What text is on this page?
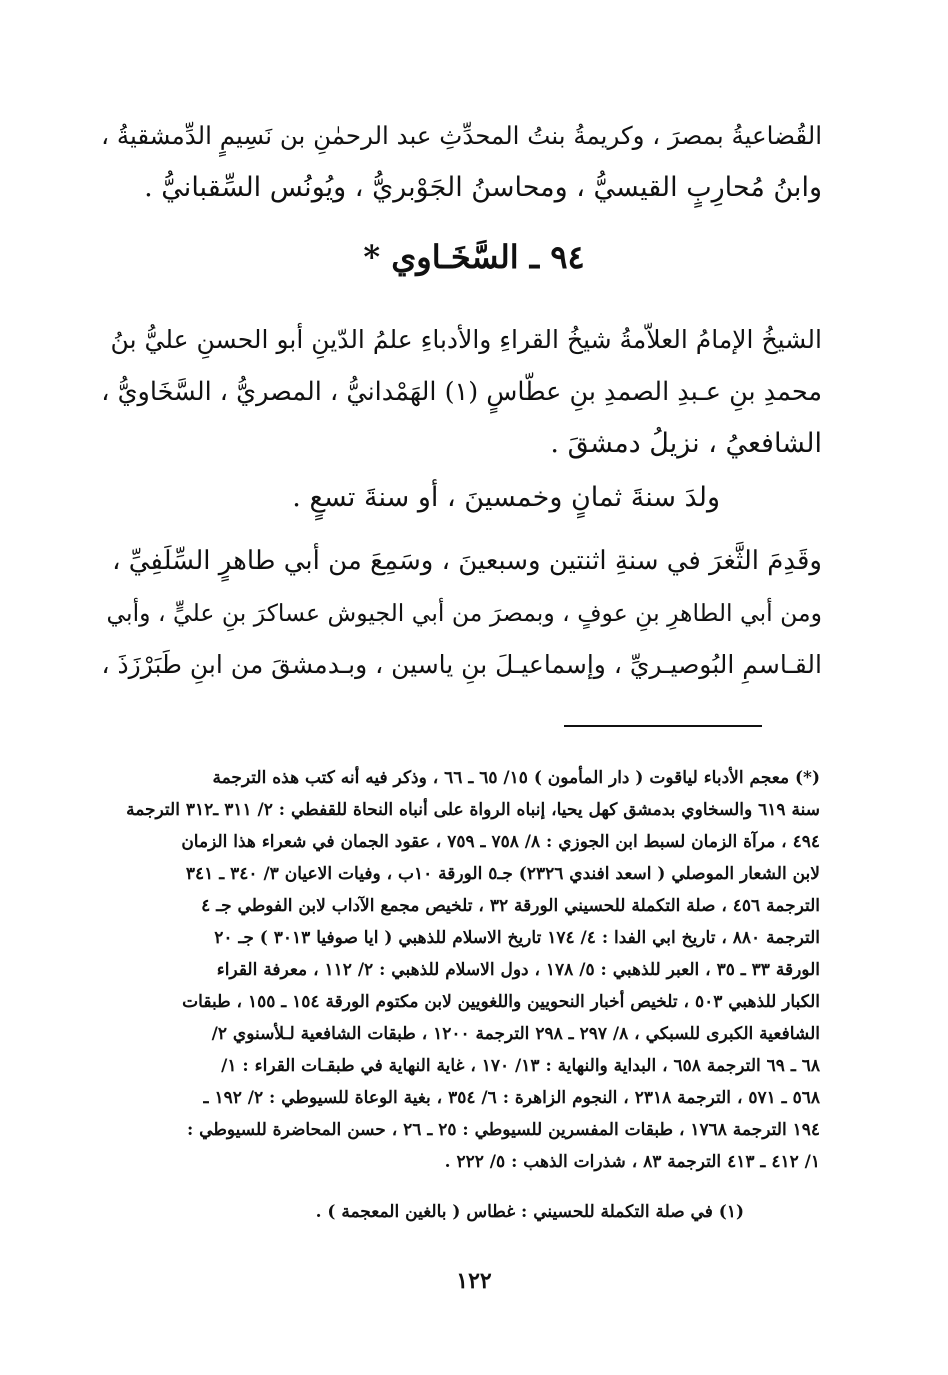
القُضاعيةُ بمصرَ ، وكريمةُ بنتُ المحدِّثِ عبد الرحمٰنِ بن نَسِيمٍ الدِّمشقيةُ ،
وابنُ مُحارِبٍ القيسيُّ ، ومحاسنُ الجَوْبريُّ ، ويُونُس السِّقبانيُّ .
٩٤ ـ السَّخَـاوي *
الشيخُ الإمامُ العلاّمةُ شيخُ القراءِ والأدباءِ علمُ الدّينِ أبو الحسنِ عليُّ بنُ
محمدِ بنِ عـبدِ الصمدِ بنِ عطّاسٍ (١) الهَمْدانيُّ ، المصريُّ ، السَّخَاويُّ ،
الشافعيُ ، نزيلُ دمشقَ .
ولدَ سنةَ ثمانٍ وخمسينَ ، أو سنةَ تسعٍ .
وقَدِمَ الثَّغرَ في سنةِ اثنتين وسبعينَ ، وسَمِعَ من أبي طاهرٍ السِّلَفِيِّ ،
ومن أبي الطاهرِ بنِ عوفٍ ، وبمصرَ من أبي الجيوش عساكرَ بنِ عليٍّ ، وأبي
القـاسمِ البُوصيـريِّ ، وإسماعيـلَ بنِ ياسين ، وبـدمشقَ من ابنِ طَبَرْزَذَ ،
(*) معجم الأدباء لياقوت ( دار المأمون ) ١٥/ ٦٥ ـ ٦٦ ، وذكر فيه أنه كتب هذه الترجمة
سنة ٦١٩ والسخاوي بدمشق كهل يحيا، إنباه الرواة على أنباه النحاة للقفطي : ٢/ ٣١١ ـ٣١٢ الترجمة
٤٩٤ ، مرآة الزمان لسبط ابن الجوزي : ٨/ ٧٥٨ ـ ٧٥٩ ، عقود الجمان في شعراء هذا الزمان
لابن الشعار الموصلي ( اسعد افندي ٢٣٢٦) جـ٥ الورقة ١٠ب ، وفيات الاعيان ٣/ ٣٤٠ ـ ٣٤١
الترجمة ٤٥٦ ، صلة التكملة للحسيني الورقة ٣٢ ، تلخيص مجمع الآداب لابن الفوطي جـ ٤
الترجمة ٨٨٠ ، تاريخ ابي الفدا : ٤/ ١٧٤ تاريخ الاسلام للذهبي ( ايا صوفيا ٣٠١٣ ) جـ ٢٠
الورقة ٣٣ ـ ٣٥ ، العبر للذهبي : ٥/ ١٧٨ ، دول الاسلام للذهبي : ٢/ ١١٢ ، معرفة القراء
الكبار للذهبي ٥٠٣ ، تلخيص أخبار النحويين واللغويين لابن مكتوم الورقة ١٥٤ ـ ١٥٥ ، طبقات
الشافعية الكبرى للسبكي ، ٨/ ٢٩٧ ـ ٢٩٨ الترجمة ١٢٠٠ ، طبقات الشافعية لـلأسنوي ٢/
٦٨ ـ ٦٩ الترجمة ٦٥٨ ، البداية والنهاية : ١٣/ ١٧٠ ، غاية النهاية في طبقـات القراء : ١/
٥٦٨ ـ ٥٧١ ، الترجمة ٢٣١٨ ، النجوم الزاهرة : ٦/ ٣٥٤ ، بغية الوعاة للسيوطي : ٢/ ١٩٢ ـ
١٩٤ الترجمة ١٧٦٨ ، طبقات المفسرين للسيوطي : ٢٥ ـ ٢٦ ، حسن المحاضرة للسيوطي :
١/ ٤١٢ ـ ٤١٣ الترجمة ٨٣ ، شذرات الذهب : ٥/ ٢٢٢ .
(١) في صلة التكملة للحسيني : غطاس ( بالغين المعجمة ) .
١٢٢
